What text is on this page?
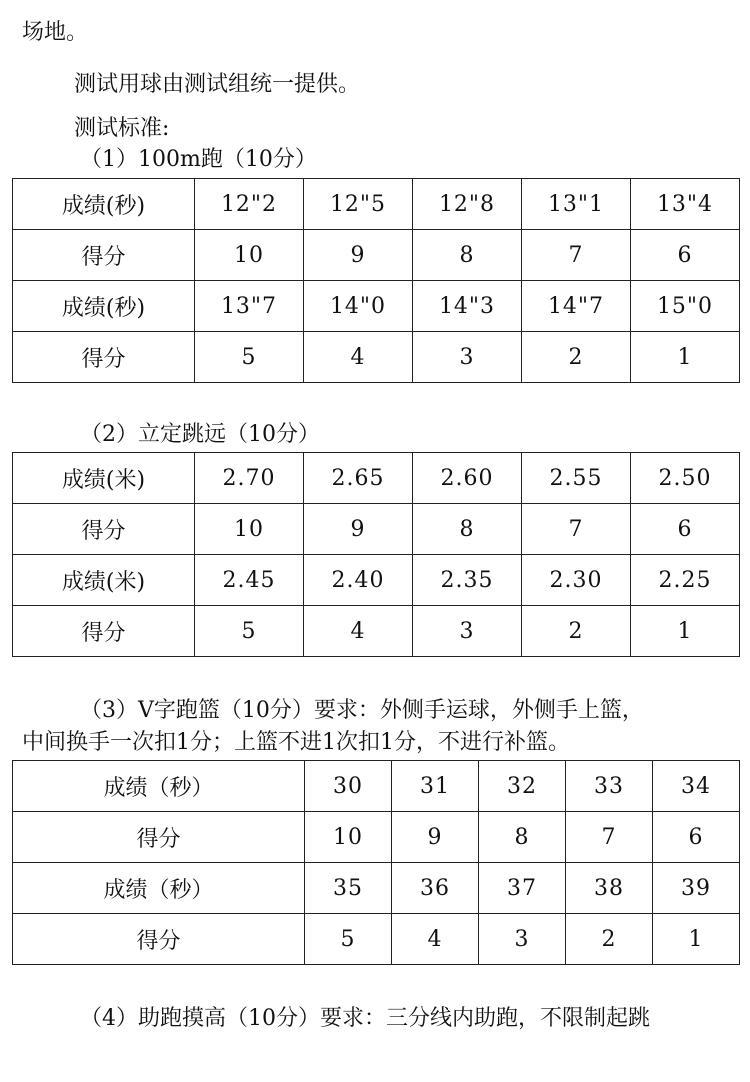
场地。
测试用球由测试组统一提供。
测试标准:
（1）100m跑（10分）
成绩(秒)	12"2	12"5	12"8	13"1	13"4
得分	10	9	8	7	6
成绩(秒)	13"7	14"0	14"3	14"7	15"0
得分	5	4	3	2	1
（2）立定跳远（10分）
成绩(米)	2.70	2.65	2.60	2.55	2.50
得分	10	9	8	7	6
成绩(米)	2.45	2.40	2.35	2.30	2.25
得分	5	4	3	2	1
（3）V字跑篮（10分）要求：外侧手运球，外侧手上篮，
中间换手一次扣1分；上篮不进1次扣1分，不进行补篮。
成绩（秒）	30	31	32	33	34
得分	10	9	8	7	6
成绩（秒）	35	36	37	38	39
得分	5	4	3	2	1
（4）助跑摸高（10分）要求：三分线内助跑，不限制起跳
